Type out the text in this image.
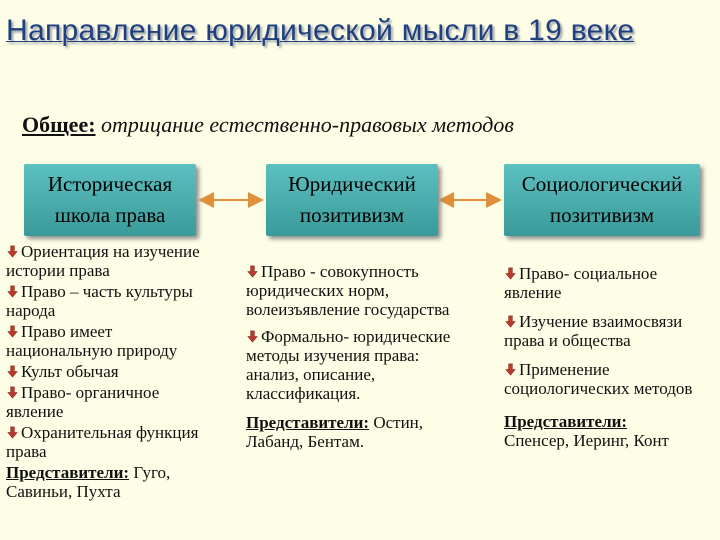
Направление юридической мысли в 19 веке
Общее: отрицание естественно-правовых методов
Историческая
школа права
Юридический
позитивизм
Социологический
позитивизм

Ориентация на изучение истории права

Право – часть культуры народа

Право имеет национальную природу

Культ обычая

Право- органичное явление

Охранительная функция права

Представители: Гуго, Савиньи, Пухта

Право - совокупность юридических норм, волеизъявление государства

Формально- юридические методы изучения права: анализ, описание, классификация.

Представители: Остин, Лабанд, Бентам.

Право- социальное явление

Изучение взаимосвязи права и общества

Применение социологических методов

Представители:
Спенсер, Иеринг, Конт
